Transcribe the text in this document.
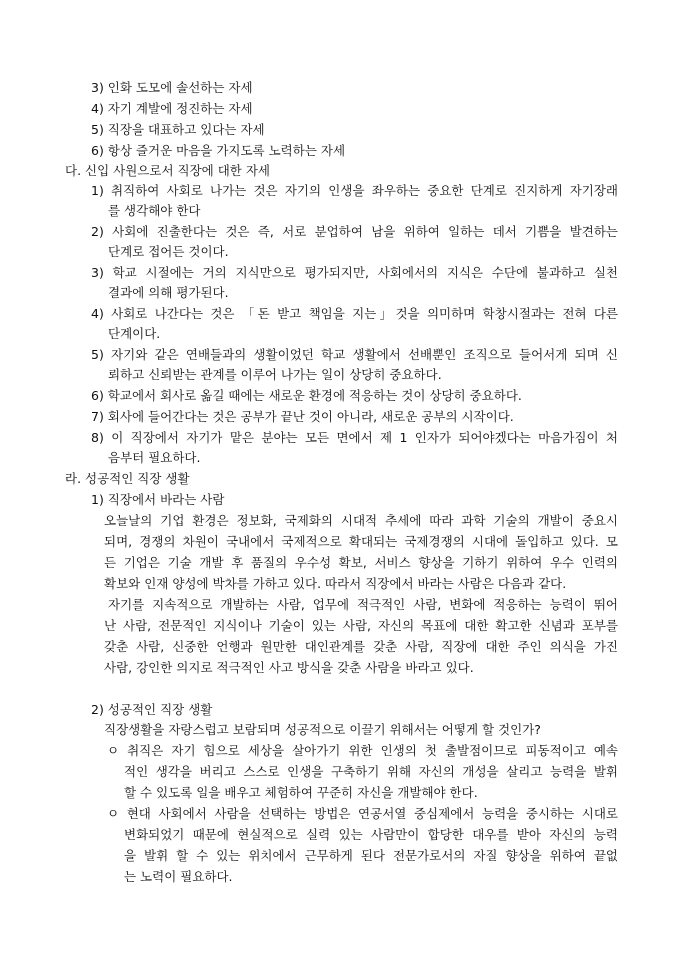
3) 인화 도모에 솔선하는 자세

4) 자기 계발에 정진하는 자세

5) 직장을 대표하고 있다는 자세

6) 항상 즐거운 마음을 가지도록 노력하는 자세

다. 신입 사원으로서 직장에 대한 자세

1) 취직하여 사회로 나가는 것은 자기의 인생을 좌우하는 중요한 단계로 진지하게 자기장래

를 생각해야 한다

2) 사회에 진출한다는 것은 즉, 서로 분업하여 남을 위하여 일하는 데서 기쁨을 발견하는

단계로 접어든 것이다.

3) 학교 시절에는 거의 지식만으로 평가되지만, 사회에서의 지식은 수단에 불과하고 실천

결과에 의해 평가된다.

4) 사회로 나간다는 것은 「돈 받고 책임을 지는」것을 의미하며 학창시절과는 전혀 다른

단계이다.

5) 자기와 같은 연배들과의 생활이었던 학교 생활에서 선배뿐인 조직으로 들어서게 되며 신

뢰하고 신뢰받는 관계를 이루어 나가는 일이 상당히 중요하다.

6) 학교에서 회사로 옮길 때에는 새로운 환경에 적응하는 것이 상당히 중요하다.

7) 회사에 들어간다는 것은 공부가 끝난 것이 아니라, 새로운 공부의 시작이다.

8) 이 직장에서 자기가 맡은 분야는 모든 면에서 제 1 인자가 되어야겠다는 마음가짐이 처

음부터 필요하다.

라. 성공적인 직장 생활

1) 직장에서 바라는 사람

오늘날의 기업 환경은 정보화, 국제화의 시대적 추세에 따라 과학 기술의 개발이 중요시

되며, 경쟁의 차원이 국내에서 국제적으로 확대되는 국제경쟁의 시대에 돌입하고 있다. 모

든 기업은 기술 개발 후 품질의 우수성 확보, 서비스 향상을 기하기 위하여 우수 인력의

확보와 인재 양성에 박차를 가하고 있다. 따라서 직장에서 바라는 사람은 다음과 같다.

자기를 지속적으로 개발하는 사람, 업무에 적극적인 사람, 변화에 적응하는 능력이 뛰어

난 사람, 전문적인 지식이나 기술이 있는 사람, 자신의 목표에 대한 확고한 신념과 포부를

갖춘 사람, 신중한 언행과 원만한 대인관계를 갖춘 사람, 직장에 대한 주인 의식을 가진

사람, 강인한 의지로 적극적인 사고 방식을 갖춘 사람을 바라고 있다.

2) 성공적인 직장 생활

직장생활을 자랑스럽고 보람되며 성공적으로 이끌기 위해서는 어떻게 할 것인가?

ㅇ 취직은 자기 힘으로 세상을 살아가기 위한 인생의 첫 출발점이므로 피동적이고 예속

적인 생각을 버리고 스스로 인생을 구축하기 위해 자신의 개성을 살리고 능력을 발휘

할 수 있도록 일을 배우고 체험하여 꾸준히 자신을 개발해야 한다.

ㅇ 현대 사회에서 사람을 선택하는 방법은 연공서열 중심제에서 능력을 중시하는 시대로

변화되었기 때문에 현실적으로 실력 있는 사람만이 합당한 대우를 받아 자신의 능력

을 발휘 할 수 있는 위치에서 근무하게 된다 전문가로서의 자질 향상을 위하여 끝없

는 노력이 필요하다.
